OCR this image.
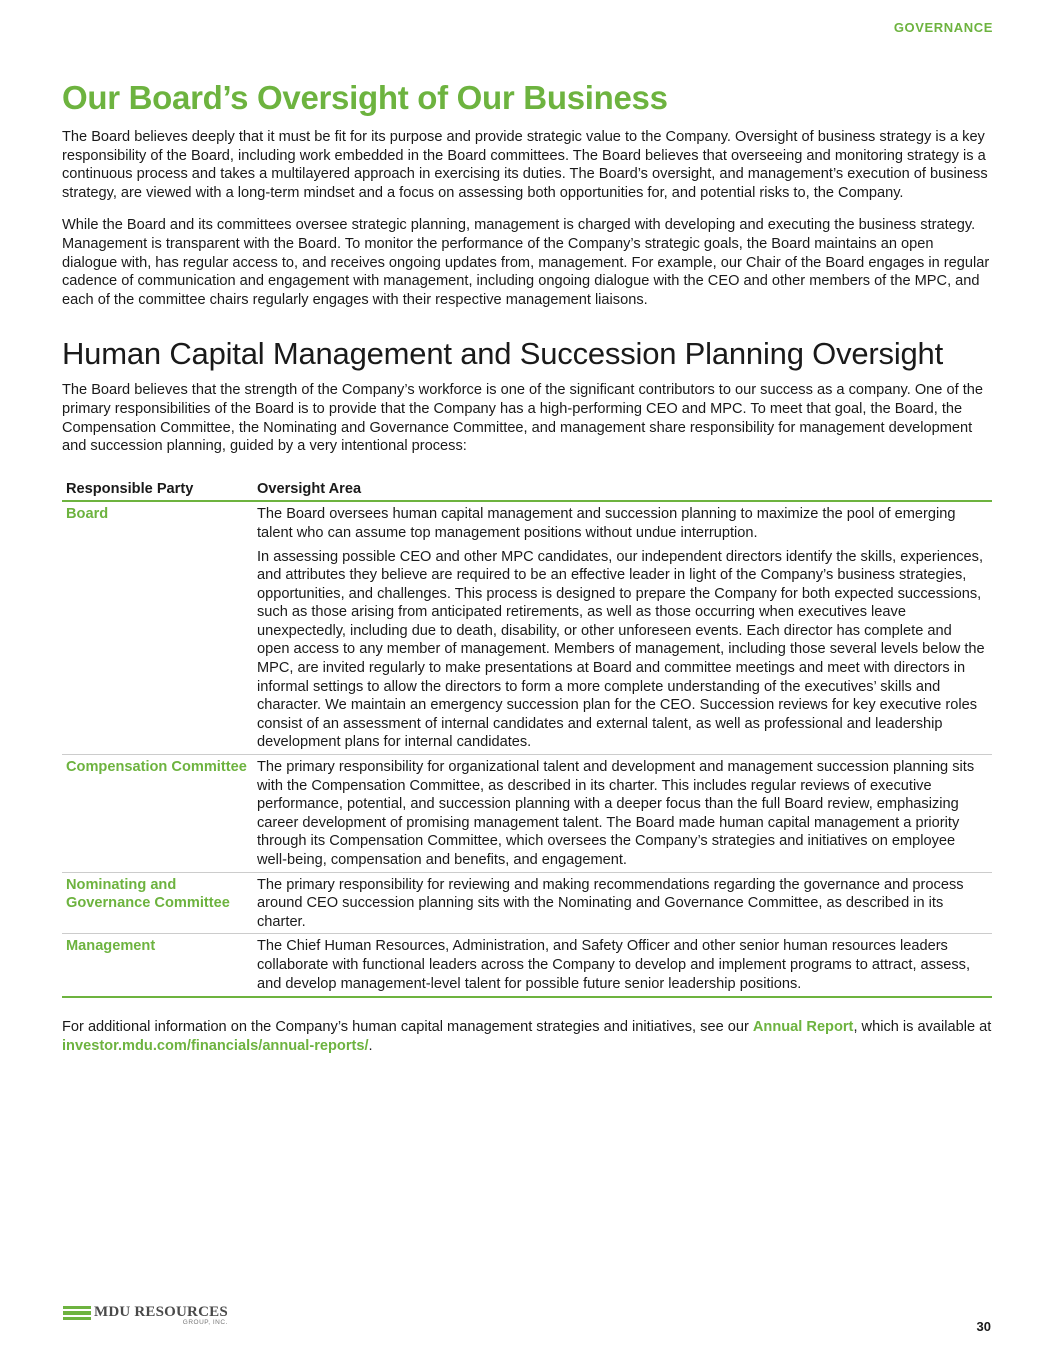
GOVERNANCE
Our Board’s Oversight of Our Business

The Board believes deeply that it must be fit for its purpose and provide strategic value to the Company. Oversight of business strategy is a key responsibility of the Board, including work embedded in the Board committees. The Board believes that overseeing and monitoring strategy is a continuous process and takes a multilayered approach in exercising its duties. The Board’s oversight, and management’s execution of business strategy, are viewed with a long-term mindset and a focus on assessing both opportunities for, and potential risks to, the Company.

While the Board and its committees oversee strategic planning, management is charged with developing and executing the business strategy. Management is transparent with the Board. To monitor the performance of the Company’s strategic goals, the Board maintains an open dialogue with, has regular access to, and receives ongoing updates from, management. For example, our Chair of the Board engages in regular cadence of communication and engagement with management, including ongoing dialogue with the CEO and other members of the MPC, and each of the committee chairs regularly engages with their respective management liaisons.

Human Capital Management and Succession Planning Oversight

The Board believes that the strength of the Company’s workforce is one of the significant contributors to our success as a company. One of the primary responsibilities of the Board is to provide that the Company has a high-performing CEO and MPC. To meet that goal, the Board, the Compensation Committee, the Nominating and Governance Committee, and management share responsibility for management development and succession planning, guided by a very intentional process:

Responsible Party	Oversight Area
Board	The Board oversees human capital management and succession planning to maximize the pool of emerging talent who can assume top management positions without undue interruption.

In assessing possible CEO and other MPC candidates, our independent directors identify the skills, experiences, and attributes they believe are required to be an effective leader in light of the Company’s business strategies, opportunities, and challenges. This process is designed to prepare the Company for both expected successions, such as those arising from anticipated retirements, as well as those occurring when executives leave unexpectedly, including due to death, disability, or other unforeseen events. Each director has complete and open access to any member of management. Members of management, including those several levels below the MPC, are invited regularly to make presentations at Board and committee meetings and meet with directors in informal settings to allow the directors to form a more complete understanding of the executives’ skills and character. We maintain an emergency succession plan for the CEO. Succession reviews for key executive roles consist of an assessment of internal candidates and external talent, as well as professional and leadership development plans for internal candidates.

Compensation Committee	The primary responsibility for organizational talent and development and management succession planning sits with the Compensation Committee, as described in its charter. This includes regular reviews of executive performance, potential, and succession planning with a deeper focus than the full Board review, emphasizing career development of promising management talent. The Board made human capital management a priority through its Compensation Committee, which oversees the Company’s strategies and initiatives on employee well-being, compensation and benefits, and engagement.

Nominating and Governance Committee	The primary responsibility for reviewing and making recommendations regarding the governance and process around CEO succession planning sits with the Nominating and Governance Committee, as described in its charter.

Management	The Chief Human Resources, Administration, and Safety Officer and other senior human resources leaders collaborate with functional leaders across the Company to develop and implement programs to attract, assess, and develop management-level talent for possible future senior leadership positions.

For additional information on the Company’s human capital management strategies and initiatives, see our Annual Report, which is available at investor.mdu.com/financials/annual-reports/.

MDU RESOURCES
GROUP, INC.	30
